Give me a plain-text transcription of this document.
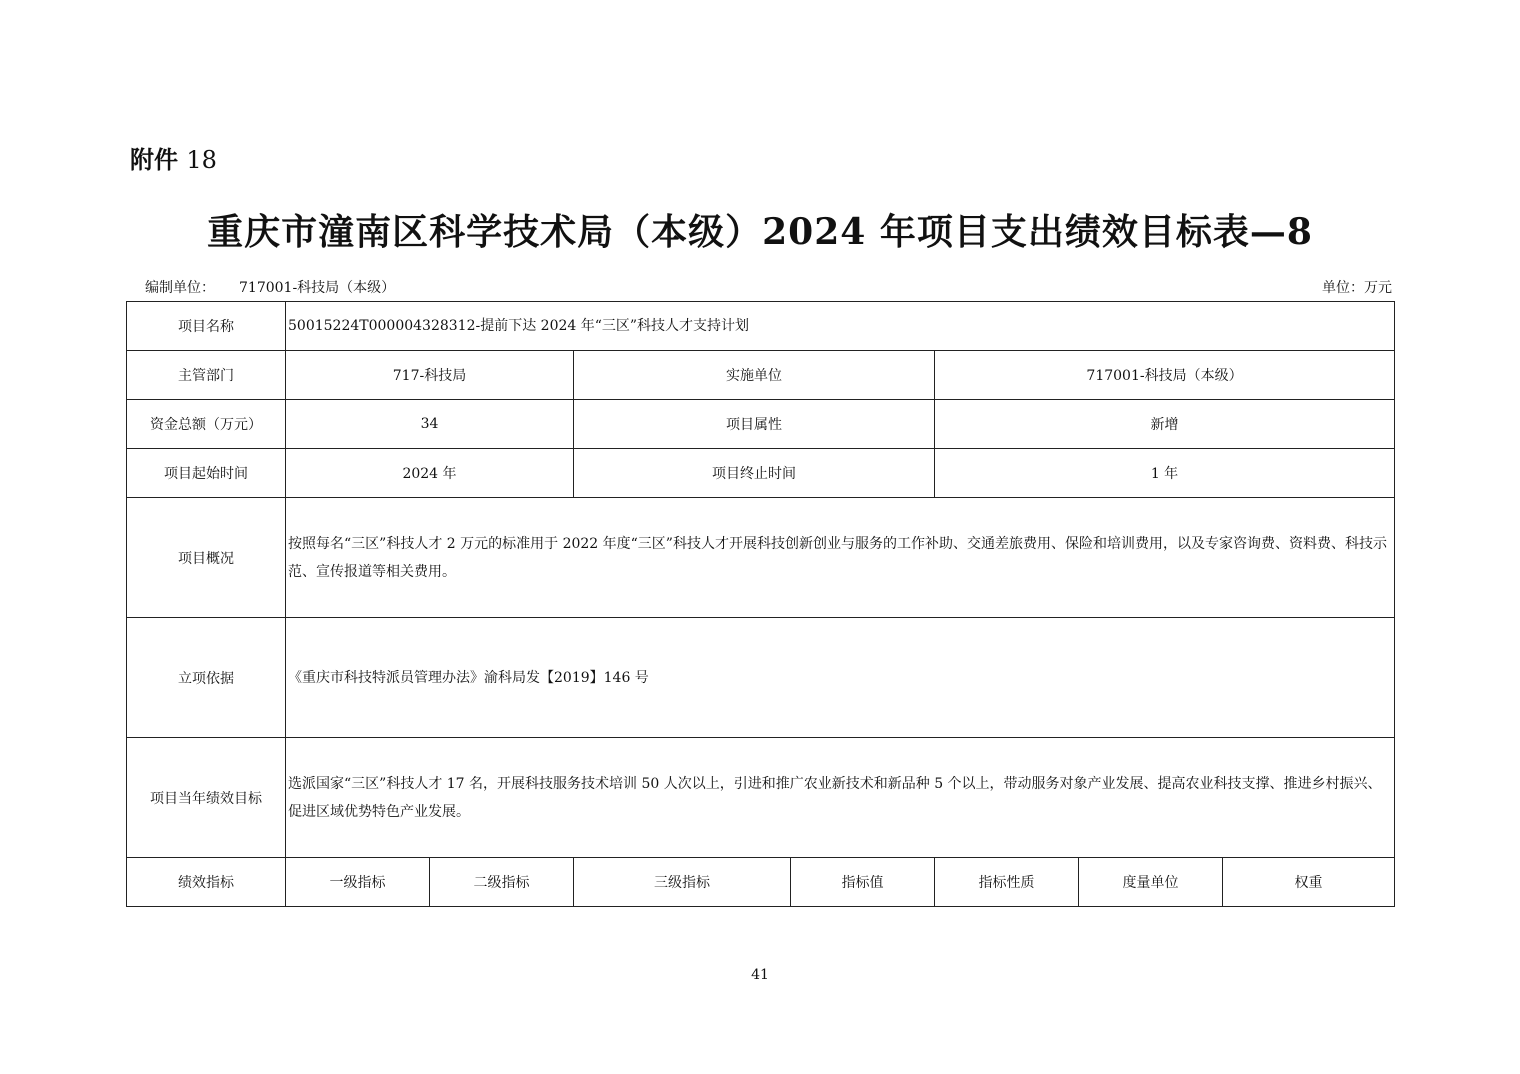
附件 18
重庆市潼南区科学技术局（本级）2024 年项目支出绩效目标表—8
编制单位： 717001-科技局（本级）	单位：万元
项目名称	50015224T000004328312-提前下达 2024 年“三区”科技人才支持计划						
主管部门	717-科技局		实施单位		717001-科技局（本级）		
资金总额（万元）	34		项目属性		新增		
项目起始时间	2024 年		项目终止时间		1 年		
项目概况	按照每名“三区”科技人才 2 万元的标准用于 2022 年度“三区”科技人才开展科技创新创业与服务的工作补助、交通差旅费用、保险和培训费用，以及专家咨询费、资料费、科技示范、宣传报道等相关费用。						
立项依据	《重庆市科技特派员管理办法》渝科局发【2019】146 号						
项目当年绩效目标	选派国家“三区”科技人才 17 名，开展科技服务技术培训 50 人次以上，引进和推广农业新技术和新品种 5 个以上，带动服务对象产业发展、提高农业科技支撑、推进乡村振兴、促进区域优势特色产业发展。						
绩效指标	一级指标	二级指标	三级指标	指标值	指标性质	度量单位	权重
41
